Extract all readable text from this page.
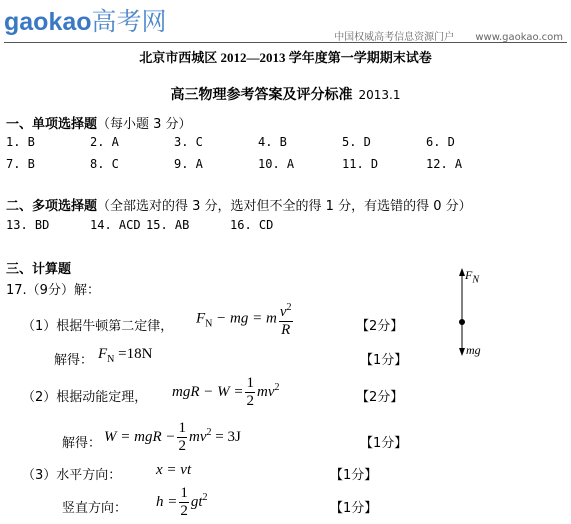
gaokao高考网
中国权威高考信息资源门户 www.gaokao.com
北京市西城区 2012—2013 学年度第一学期期末试卷
高三物理参考答案及评分标准 2013.1
一、单项选择题（每小题 3 分）
1. B	2. A	3. C	4. B	5. D	6. D
7. B	8. C	9. A	10. A	11. D	12. A
二、多项选择题（全部选对的得 3 分，选对但不全的得 1 分，有选错的得 0 分）
13. BD	14. ACD 15. AB	16. CD
三、计算题
17.（9分）解：
$F_N$
mg
（1）根据牛顿第二定律，
$F_N$ − mg = m $\frac{v^2}{R}$	【2分】
解得： $F_N =18N$	【1分】
（2）根据动能定理， mgR − $W = \frac{1}{2} mv^2$
【2分】
解得： W = mgR − $\frac{1}{2} mv^2 = 3J$	【1分】
（3）水平方向： x = vt	【1分】
竖直方向： $h = \frac{1}{2} gt^2$
【1分】
